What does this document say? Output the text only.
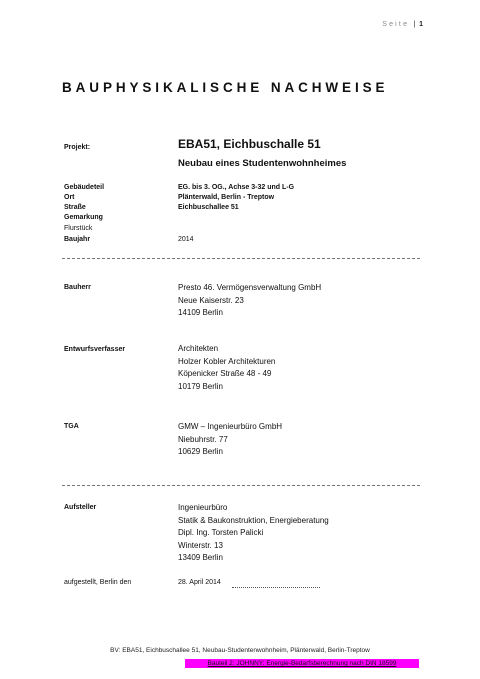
Seite | 1
BAUPHYSIKALISCHE NACHWEISE
Projekt:	EBA51, Eichbuschalle 51
Neubau eines Studentenwohnheimes
Gebäudeteil	EG. bis 3. OG., Achse 3-32 und L-G
Ort	Plänterwald, Berlin - Treptow
Straße	Eichbuschallee 51
Gemarkung
Flurstück
Baujahr	2014
Bauherr	Presto 46. Vermögensverwaltung GmbH
Neue Kaiserstr. 23
14109 Berlin
Entwurfsverfasser	Architekten
Holzer Kobler Architekturen
Köpenicker Straße 48 - 49
10179 Berlin
TGA	GMW – Ingenieurbüro GmbH
Niebuhrstr. 77
10629 Berlin
Aufsteller	Ingenieurbüro
Statik & Baukonstruktion, Energieberatung
Dipl. Ing. Torsten Palicki
Winterstr. 13
13409 Berlin
aufgestellt, Berlin den	28. April 2014
BV: EBA51, Eichbuschallee 51, Neubau-Studentenwohnheim, Plänterwald, Berlin-Treptow
Bauteil 2: JOHNNY: Energie-Bedarfsberechnung nach DIN 18599
